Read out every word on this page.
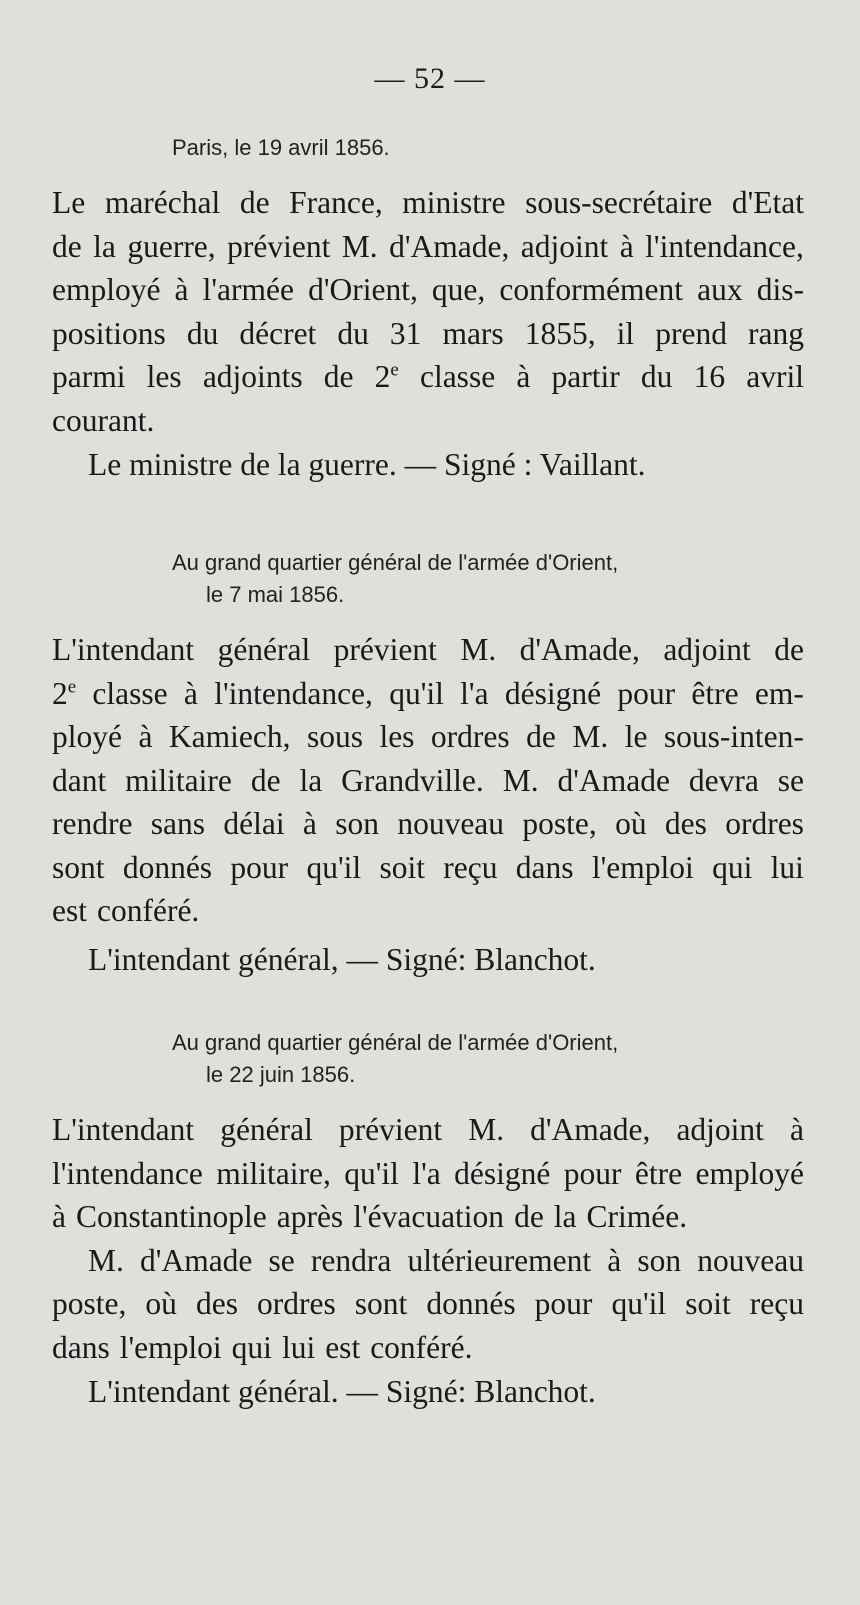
— 52 —
Paris, le 19 avril 1856.
Le maréchal de France, ministre sous-secrétaire d'Etat
de la guerre, prévient M. d'Amade, adjoint à l'intendance,
employé à l'armée d'Orient, que, conformément aux dis-
positions du décret du 31 mars 1855, il prend rang
parmi les adjoints de 2e classe à partir du 16 avril
courant.
Le ministre de la guerre. — Signé : Vaillant.
Au grand quartier général de l'armée d'Orient,
le 7 mai 1856.
L'intendant général prévient M. d'Amade, adjoint de
2e classe à l'intendance, qu'il l'a désigné pour être em-
ployé à Kamiech, sous les ordres de M. le sous-inten-
dant militaire de la Grandville. M. d'Amade devra se
rendre sans délai à son nouveau poste, où des ordres
sont donnés pour qu'il soit reçu dans l'emploi qui lui
est conféré.
L'intendant général, — Signé: Blanchot.
Au grand quartier général de l'armée d'Orient,
le 22 juin 1856.
L'intendant général prévient M. d'Amade, adjoint à
l'intendance militaire, qu'il l'a désigné pour être employé
à Constantinople après l'évacuation de la Crimée.
M. d'Amade se rendra ultérieurement à son nouveau
poste, où des ordres sont donnés pour qu'il soit reçu
dans l'emploi qui lui est conféré.
L'intendant général. — Signé: Blanchot.
